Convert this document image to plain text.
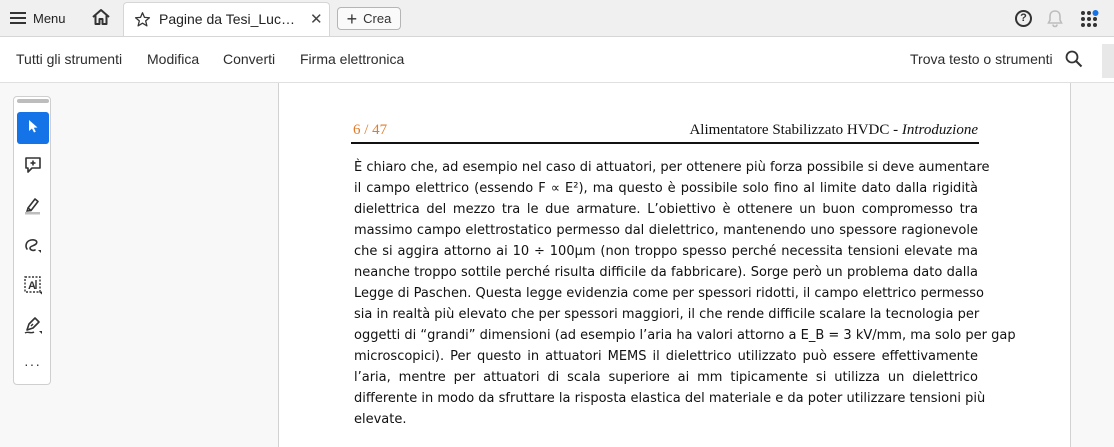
Menu	Pagine da Tesi_Luc… ✕ + Crea	?
Tutti gli strumenti Modifica Converti Firma elettronica	Trova testo o strumenti
A
···
6 / 47	Alimentatore Stabilizzato HVDC - Introduzione
È chiaro che, ad esempio nel caso di attuatori, per ottenere più forza possibile si deve aumentare
il campo elettrico (essendo F ∝ E²), ma questo è possibile solo fino al limite dato dalla rigidità
dielettrica del mezzo tra le due armature. L’obiettivo è ottenere un buon compromesso tra
massimo campo elettrostatico permesso dal dielettrico, mantenendo uno spessore ragionevole
che si aggira attorno ai 10 ÷ 100μm (non troppo spesso perché necessita tensioni elevate ma
neanche troppo sottile perché risulta difficile da fabbricare). Sorge però un problema dato dalla
Legge di Paschen. Questa legge evidenzia come per spessori ridotti, il campo elettrico permesso
sia in realtà più elevato che per spessori maggiori, il che rende difficile scalare la tecnologia per
oggetti di “grandi” dimensioni (ad esempio l’aria ha valori attorno a E_B = 3 kV/mm, ma solo per gap
microscopici). Per questo in attuatori MEMS il dielettrico utilizzato può essere effettivamente
l’aria, mentre per attuatori di scala superiore ai mm tipicamente si utilizza un dielettrico
differente in modo da sfruttare la risposta elastica del materiale e da poter utilizzare tensioni più
elevate.
